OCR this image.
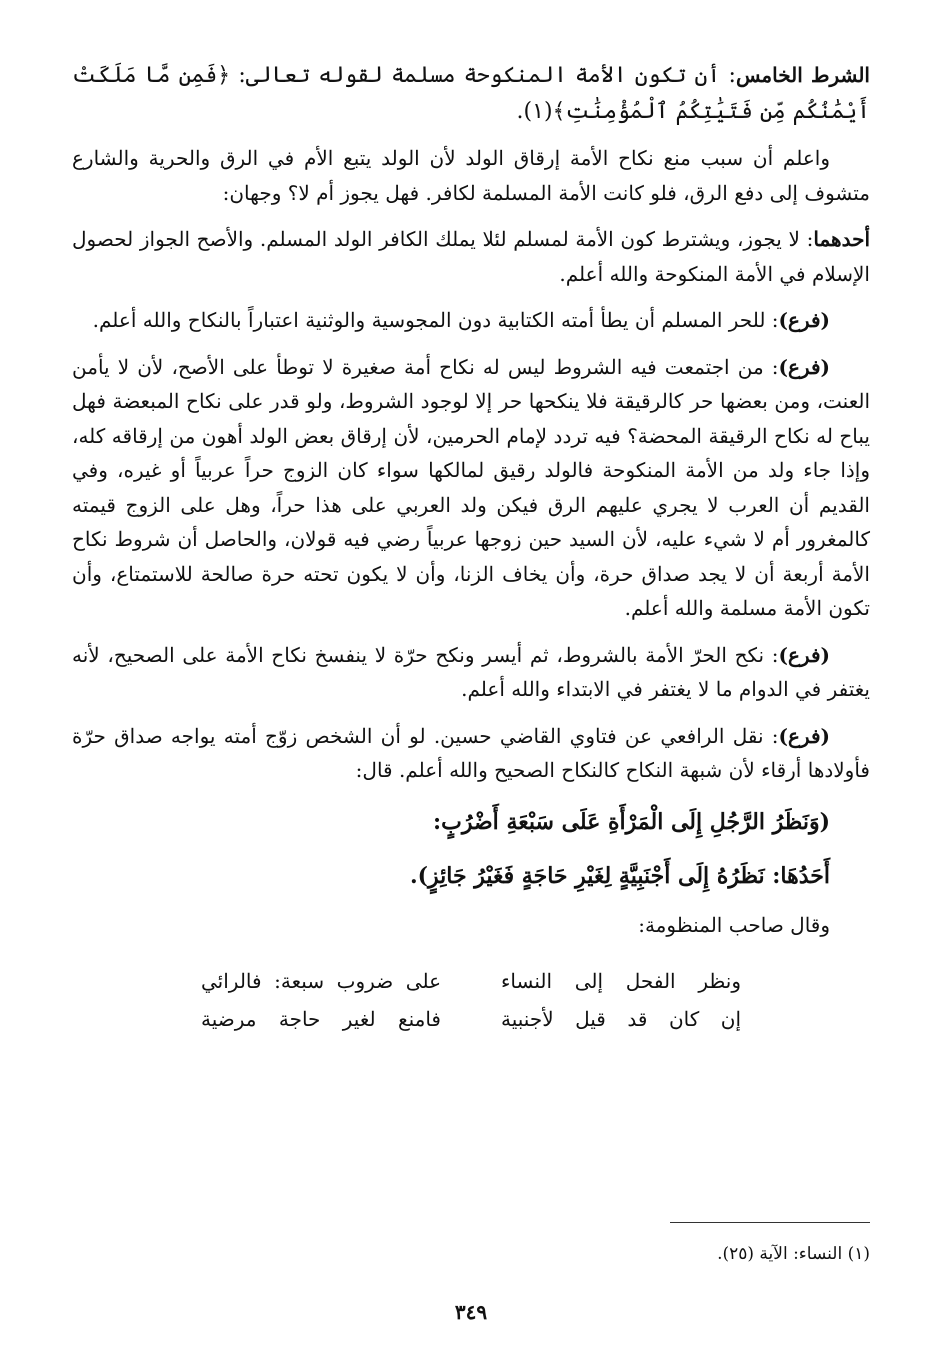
الشرط الخامس: أن تكون الأمة المنكوحة مسلمة لقوله تعالى: ﴿فَمِن مَّا مَلَكَتْ أَيْمَٰنُكُم مِّن فَتَيَٰتِكُمُ ٱلْمُؤْمِنَٰتِ﴾(١).

واعلم أن سبب منع نكاح الأمة إرقاق الولد لأن الولد يتبع الأم في الرق والحرية والشارع متشوف إلى دفع الرق، فلو كانت الأمة المسلمة لكافر. فهل يجوز أم لا؟ وجهان:

أحدهما: لا يجوز، ويشترط كون الأمة لمسلم لئلا يملك الكافر الولد المسلم. والأصح الجواز لحصول الإسلام في الأمة المنكوحة والله أعلم.

(فرع): للحر المسلم أن يطأ أمته الكتابية دون المجوسية والوثنية اعتباراً بالنكاح والله أعلم.

(فرع): من اجتمعت فيه الشروط ليس له نكاح أمة صغيرة لا توطأ على الأصح، لأن لا يأمن العنت، ومن بعضها حر كالرقيقة فلا ينكحها حر إلا لوجود الشروط، ولو قدر على نكاح المبعضة فهل يباح له نكاح الرقيقة المحضة؟ فيه تردد لإمام الحرمين، لأن إرقاق بعض الولد أهون من إرقاقه كله، وإذا جاء ولد من الأمة المنكوحة فالولد رقيق لمالكها سواء كان الزوج حراً عربياً أو غيره، وفي القديم أن العرب لا يجري عليهم الرق فيكن ولد العربي على هذا حراً، وهل على الزوج قيمته كالمغرور أم لا شيء عليه، لأن السيد حين زوجها عربياً رضي فيه قولان، والحاصل أن شروط نكاح الأمة أربعة أن لا يجد صداق حرة، وأن يخاف الزنا، وأن لا يكون تحته حرة صالحة للاستمتاع، وأن تكون الأمة مسلمة والله أعلم.

(فرع): نكح الحرّ الأمة بالشروط، ثم أيسر ونكح حرّة لا ينفسخ نكاح الأمة على الصحيح، لأنه يغتفر في الدوام ما لا يغتفر في الابتداء والله أعلم.

(فرع): نقل الرافعي عن فتاوي القاضي حسين. لو أن الشخص زوّج أمته يواجه صداق حرّة فأولادها أرقاء لأن شبهة النكاح كالنكاح الصحيح والله أعلم. قال:

(وَنَظَرُ الرَّجُلِ إِلَى الْمَرْأَةِ عَلَى سَبْعَةِ أَضْرُبٍ:
أَحَدُهَا: نَظَرُهُ إِلَى أَجْنَبِيَّةٍ لِغَيْرِ حَاجَةٍ فَغَيْرُ جَائِزٍ).
وقال صاحب المنظومة:
ونظر الفحل إلى النساء
على ضروب سبعة: فالرائي
إن كان قد قيل لأجنبية
فامنع لغير حاجة مرضية
(١) النساء: الآية (٢٥).
٣٤٩
